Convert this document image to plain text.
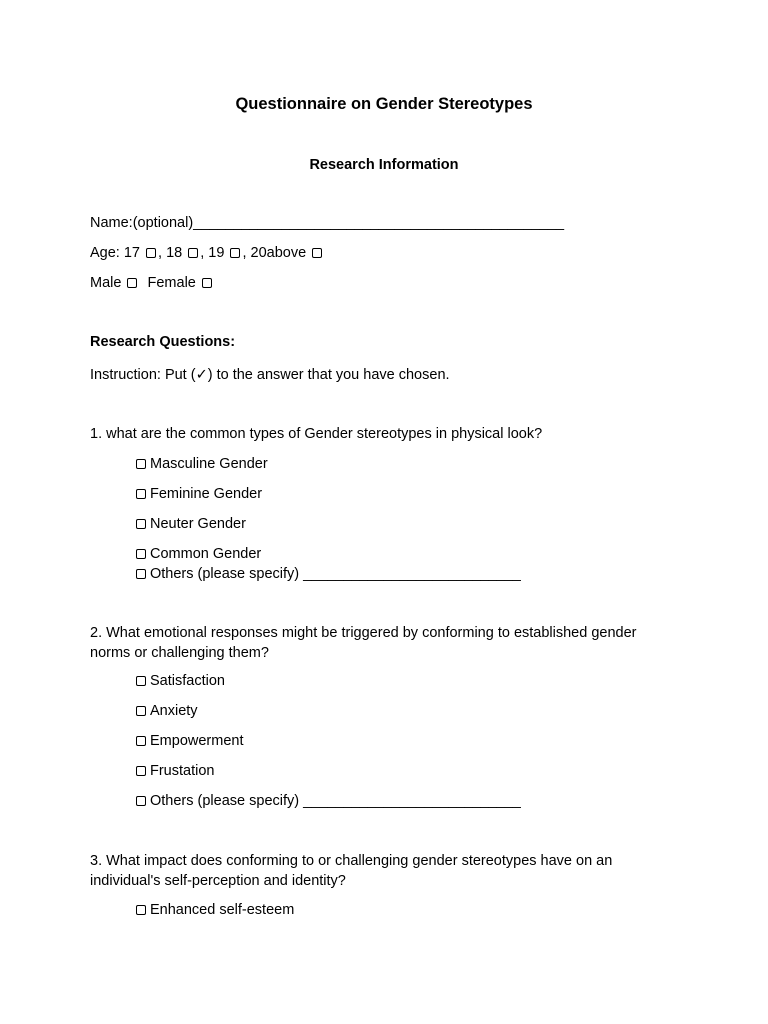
Questionnaire on Gender Stereotypes
Research Information
Name:(optional)______________________________________________
Age: 17 , 18 , 19 , 20above
Male Female
Research Questions:
Instruction: Put (✓) to the answer that you have chosen.
1. what are the common types of Gender stereotypes in physical look?
Masculine Gender
Feminine Gender
Neuter Gender
Common Gender
Others (please specify) ___________________________
2. What emotional responses might be triggered by conforming to established gender norms or challenging them?
Satisfaction
Anxiety
Empowerment
Frustation
Others (please specify) ___________________________
3. What impact does conforming to or challenging gender stereotypes have on an individual's self-perception and identity?
Enhanced self-esteem
